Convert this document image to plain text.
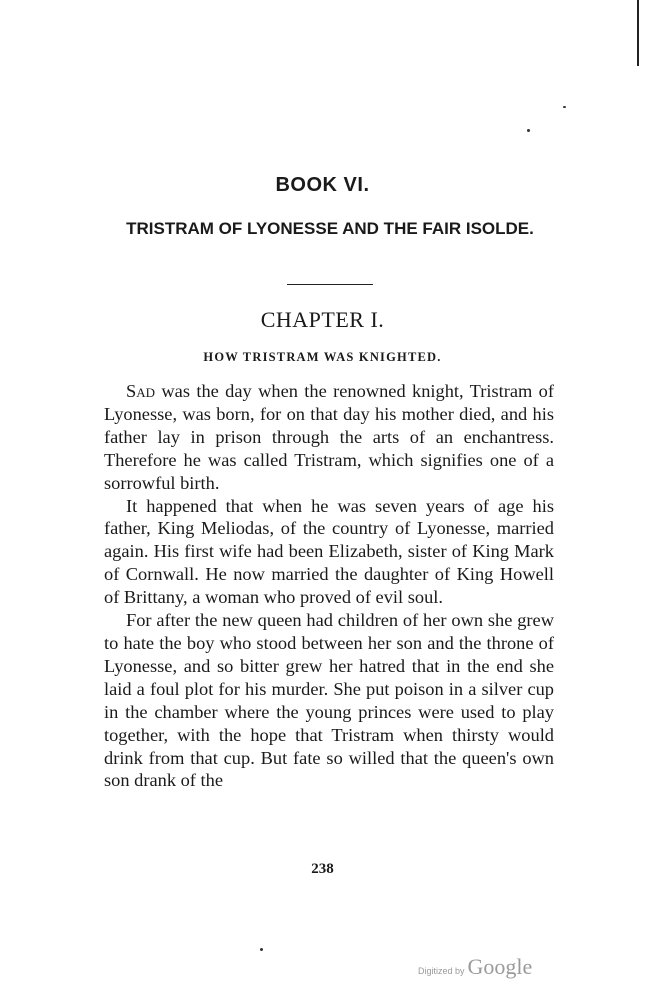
BOOK VI.
TRISTRAM OF LYONESSE AND THE FAIR ISOLDE.
CHAPTER I.
HOW TRISTRAM WAS KNIGHTED.

Sad was the day when the renowned knight, Tristram of Lyonesse, was born, for on that day his mother died, and his father lay in prison through the arts of an enchantress. Therefore he was called Tristram, which signifies one of a sorrowful birth.

It happened that when he was seven years of age his father, King Meliodas, of the country of Lyonesse, married again. His first wife had been Elizabeth, sister of King Mark of Cornwall. He now married the daughter of King Howell of Brittany, a woman who proved of evil soul.

For after the new queen had children of her own she grew to hate the boy who stood between her son and the throne of Lyonesse, and so bitter grew her hatred that in the end she laid a foul plot for his murder. She put poison in a silver cup in the chamber where the young princes were used to play together, with the hope that Tristram when thirsty would drink from that cup. But fate so willed that the queen's own son drank of the

238
Digitized by Google
